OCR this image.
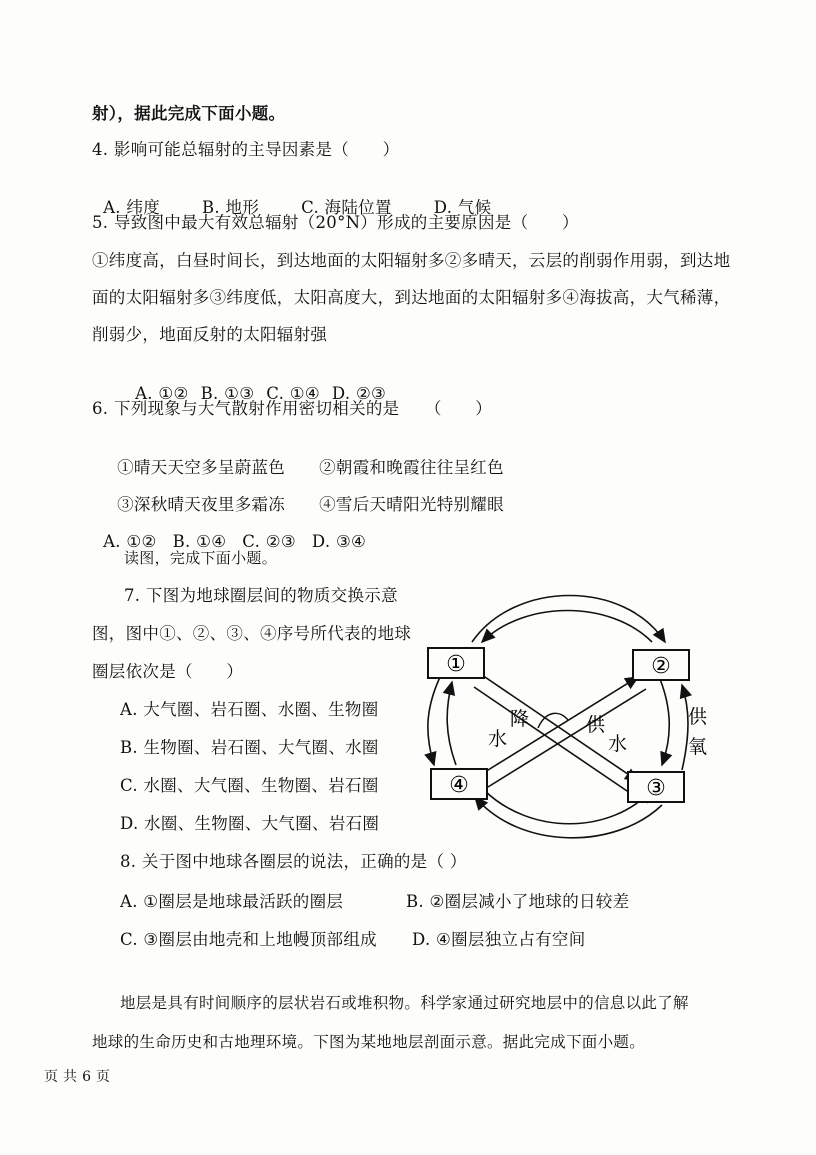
射），据此完成下面小题。
4. 影响可能总辐射的主导因素是（　　）

A. 纬度	B. 地形	C. 海陆位置	D. 气候

5. 导致图中最大有效总辐射（20°N）形成的主要原因是（　　）
①纬度高，白昼时间长，到达地面的太阳辐射多②多晴天，云层的削弱作用弱，到达地
面的太阳辐射多③纬度低，太阳高度大，到达地面的太阳辐射多④海拔高，大气稀薄，
削弱少，地面反射的太阳辐射强

A. ①② B. ①③ C. ①④ D. ②③

6. 下列现象与大气散射作用密切相关的是　　（　　）

①晴天天空多呈蔚蓝色 ②朝霞和晚霞往往呈红色

③深秋晴天夜里多霜冻 ④雪后天晴阳光特别耀眼

A. ①② B. ①④ C. ②③ D. ③④

读图，完成下面小题。
7. 下图为地球圈层间的物质交换示意
图，图中①、②、③、④序号所代表的地球
圈层依次是（　　）
A. 大气圈、岩石圈、水圈、生物圈
B. 生物圈、岩石圈、大气圈、水圈
C. 水圈、大气圈、生物圈、岩石圈
D. 水圈、生物圈、大气圈、岩石圈
①	②
③
④
水
降	供
水
供
氧
8. 关于图中地球各圈层的说法，正确的是（ ）
A. ①圈层是地球最活跃的圈层	B. ②圈层减小了地球的日较差
C. ③圈层由地壳和上地幔顶部组成 D. ④圈层独立占有空间
地层是具有时间顺序的层状岩石或堆积物。科学家通过研究地层中的信息以此了解
地球的生命历史和古地理环境。下图为某地地层剖面示意。据此完成下面小题。
页 共 6 页
